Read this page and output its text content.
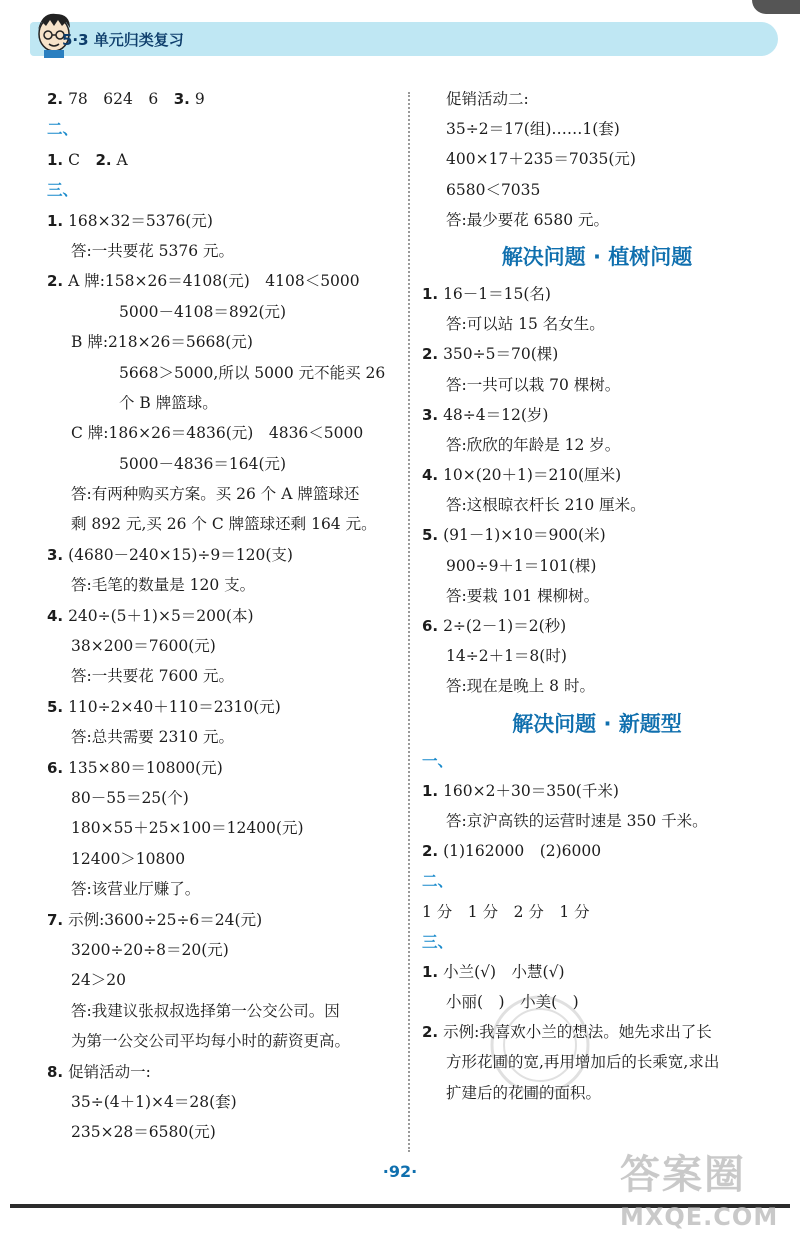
5·3 单元归类复习
2. 78　624　6　3. 9
二、
1. C　2. A
三、
1. 168×32＝5376(元)
答:一共要花 5376 元。
2. A 牌:158×26＝4108(元)　4108＜5000
5000－4108＝892(元)
B 牌:218×26＝5668(元)
5668＞5000,所以 5000 元不能买 26
个 B 牌篮球。
C 牌:186×26＝4836(元)　4836＜5000
5000－4836＝164(元)
答:有两种购买方案。买 26 个 A 牌篮球还
剩 892 元,买 26 个 C 牌篮球还剩 164 元。
3. (4680－240×15)÷9＝120(支)
答:毛笔的数量是 120 支。
4. 240÷(5＋1)×5＝200(本)
38×200＝7600(元)
答:一共要花 7600 元。
5. 110÷2×40＋110＝2310(元)
答:总共需要 2310 元。
6. 135×80＝10800(元)
80－55＝25(个)
180×55＋25×100＝12400(元)
12400＞10800
答:该营业厅赚了。
7. 示例:3600÷25÷6＝24(元)
3200÷20÷8＝20(元)
24＞20
答:我建议张叔叔选择第一公交公司。因
为第一公交公司平均每小时的薪资更高。
8. 促销活动一:
35÷(4＋1)×4＝28(套)
235×28＝6580(元)
促销活动二:
35÷2＝17(组)……1(套)
400×17＋235＝7035(元)
6580＜7035
答:最少要花 6580 元。
解决问题 · 植树问题
1. 16－1＝15(名)
答:可以站 15 名女生。
2. 350÷5＝70(棵)
答:一共可以栽 70 棵树。
3. 48÷4＝12(岁)
答:欣欣的年龄是 12 岁。
4. 10×(20＋1)＝210(厘米)
答:这根晾衣杆长 210 厘米。
5. (91－1)×10＝900(米)
900÷9＋1＝101(棵)
答:要栽 101 棵柳树。
6. 2÷(2－1)＝2(秒)
14÷2＋1＝8(时)
答:现在是晚上 8 时。
解决问题 · 新题型
一、
1. 160×2＋30＝350(千米)
答:京沪高铁的运营时速是 350 千米。
2. (1)162000　(2)6000
二、
1 分　1 分　2 分　1 分
三、
1. 小兰(√)　小慧(√)
小丽(　)　小美(　)
2. 示例:我喜欢小兰的想法。她先求出了长
方形花圃的宽,再用增加后的长乘宽,求出
扩建后的花圃的面积。
·92·	答案圈
MXQE.COM
